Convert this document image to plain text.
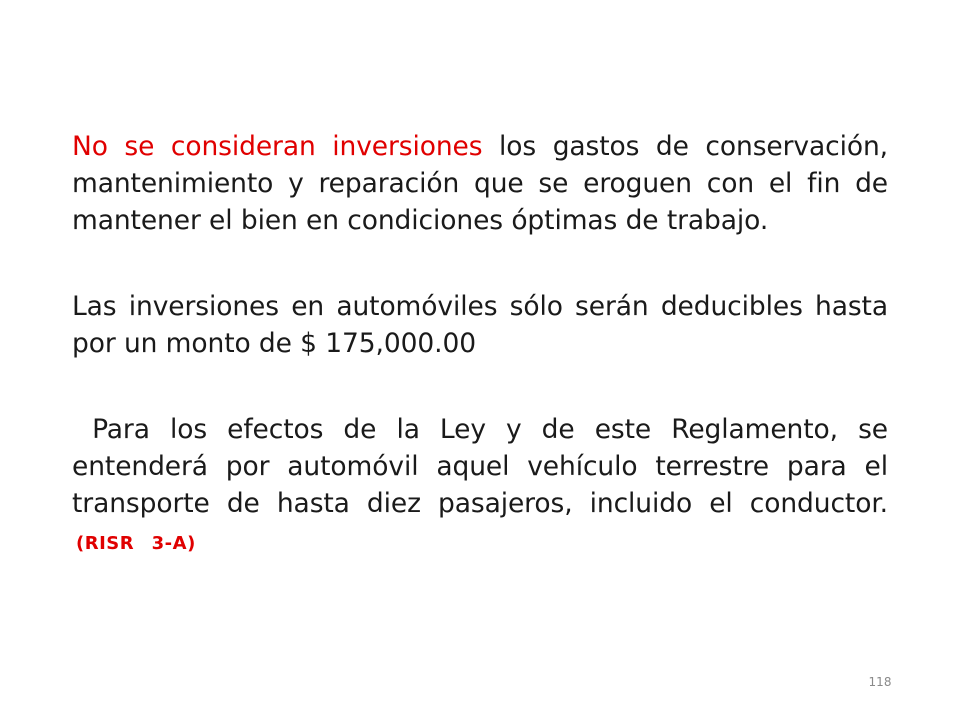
No se consideran inversiones los gastos de conservación, mantenimiento y reparación que se eroguen con el fin de mantener el bien en condiciones óptimas de trabajo.

Las inversiones en automóviles sólo serán deducibles hasta por un monto de $ 175,000.00

Para los efectos de la Ley y de este Reglamento, se entenderá por automóvil aquel vehículo terrestre para el transporte de hasta diez pasajeros, incluido el conductor.(RISR  3-A)

118
